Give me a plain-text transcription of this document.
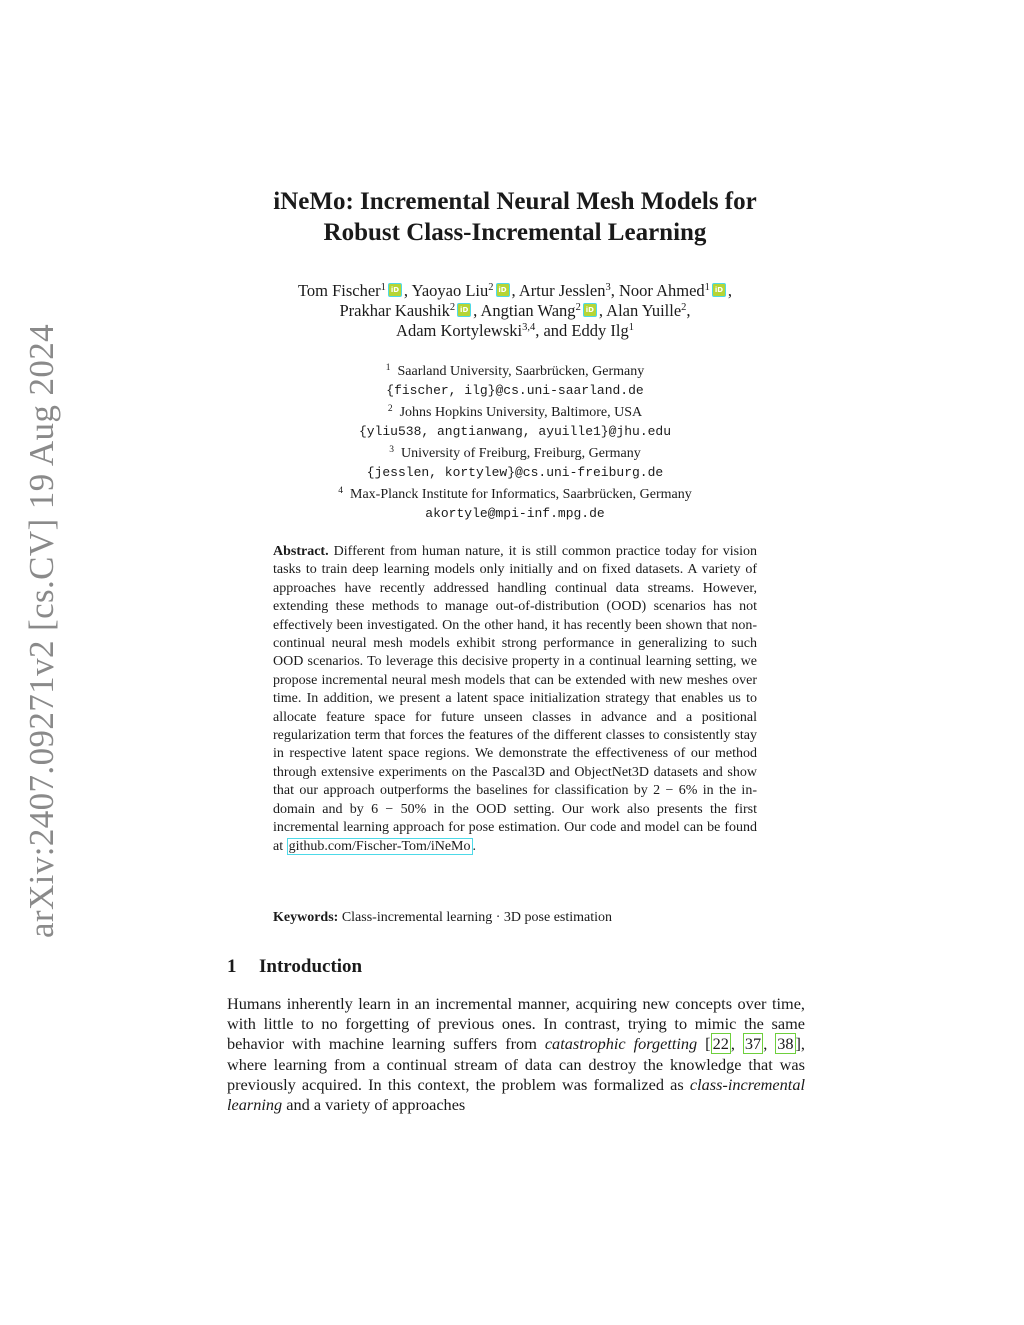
arXiv:2407.09271v2 [cs.CV] 19 Aug 2024
iNeMo: Incremental Neural Mesh Models for
Robust Class-Incremental Learning
Tom Fischer$^1$ iD , Yaoyao Liu$^2$ iD , Artur Jesslen$^3$, Noor Ahmed$^1$ iD ,
Prakhar Kaushik$^2$ iD , Angtian Wang$^2$ iD , Alan Yuille$^2$,
Adam Kortylewski$^{3,4}$, and Eddy Ilg$^1$
$^1$ Saarland University, Saarbrücken, Germany
{fischer, ilg}@cs.uni-saarland.de
$^2$ Johns Hopkins University, Baltimore, USA
{yliu538, angtianwang, ayuille1}@jhu.edu
$^3$ University of Freiburg, Freiburg, Germany
{jesslen, kortylew}@cs.uni-freiburg.de
$^4$ Max-Planck Institute for Informatics, Saarbrücken, Germany
akortyle@mpi-inf.mpg.de
Abstract. Different from human nature, it is still common practice today for vision tasks to train deep learning models only initially and on fixed datasets. A variety of approaches have recently addressed handling continual data streams. However, extending these methods to manage out-of-distribution (OOD) scenarios has not effectively been investigated. On the other hand, it has recently been shown that non-continual neural mesh models exhibit strong performance in generalizing to such OOD scenarios. To leverage this decisive property in a continual learning setting, we propose incremental neural mesh models that can be extended with new meshes over time. In addition, we present a latent space initialization strategy that enables us to allocate feature space for future unseen classes in advance and a positional regularization term that forces the features of the different classes to consistently stay in respective latent space regions. We demonstrate the effectiveness of our method through extensive experiments on the Pascal3D and ObjectNet3D datasets and show that our approach outperforms the baselines for classification by 2 − 6% in the in-domain and by 6 − 50% in the OOD setting. Our work also presents the first incremental learning approach for pose estimation. Our code and model can be found at github.com/Fischer-Tom/iNeMo .
Keywords: Class-incremental learning · 3D pose estimation
1 Introduction
Humans inherently learn in an incremental manner, acquiring new concepts over time, with little to no forgetting of previous ones. In contrast, trying to mimic the same behavior with machine learning suffers from catastrophic forgetting [ 22 , 37 , 38 ], where learning from a continual stream of data can destroy the knowledge that was previously acquired. In this context, the problem was formalized as class-incremental learning and a variety of approaches
